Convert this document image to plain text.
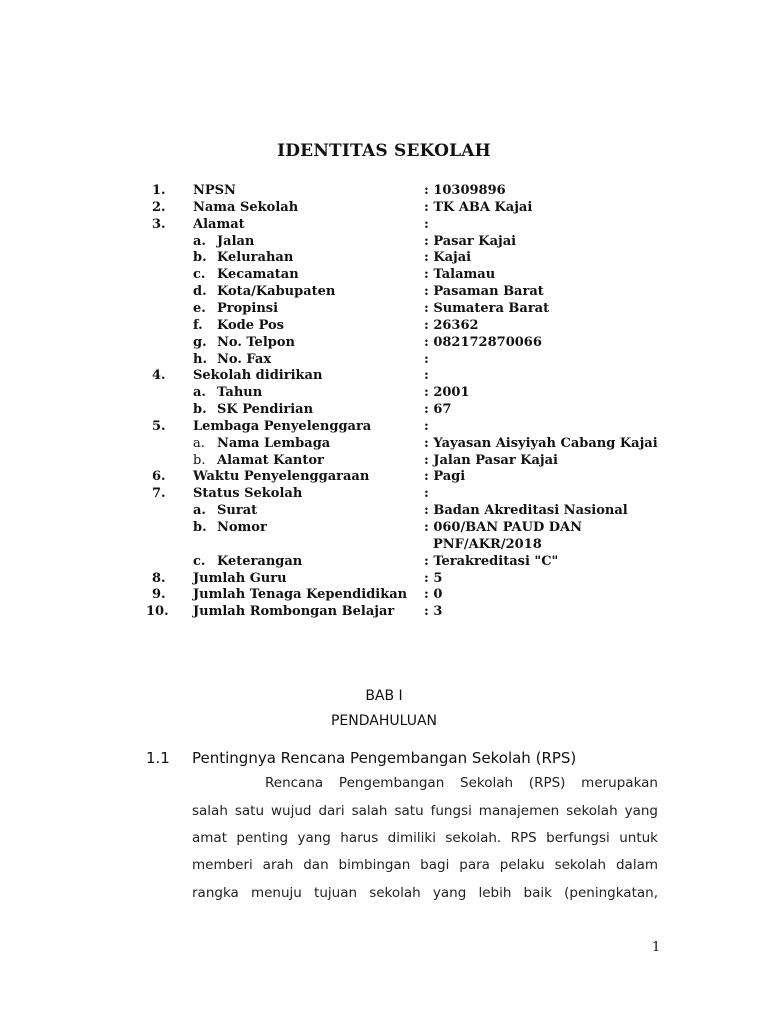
IDENTITAS SEKOLAH
1. NPSN	: 10309896
2. Nama Sekolah	: TK ABA Kajai
3. Alamat	:
a. Jalan	: Pasar Kajai
b. Kelurahan	: Kajai
c. Kecamatan	: Talamau
d. Kota/Kabupaten	: Pasaman Barat
e. Propinsi	: Sumatera Barat
f. Kode Pos	: 26362
g. No. Telpon	: 082172870066
h. No. Fax	:
4. Sekolah didirikan	:
a. Tahun	: 2001
b. SK Pendirian	: 67
5. Lembaga Penyelenggara	:
a. Nama Lembaga	: Yayasan Aisyiyah Cabang Kajai
b. Alamat Kantor	: Jalan Pasar Kajai
6. Waktu Penyelenggaraan	: Pagi
7. Status Sekolah	:
a. Surat	: Badan Akreditasi Nasional
b. Nomor	: 060/BAN PAUD DAN
PNF/AKR/2018
c. Keterangan	: Terakreditasi "C"
8. Jumlah Guru	: 5
9. Jumlah Tenaga Kependidikan : 0
10. Jumlah Rombongan Belajar : 3
BAB I
PENDAHULUAN
1.1 Pentingnya Rencana Pengembangan Sekolah (RPS)
Rencana Pengembangan Sekolah (RPS) merupakan
salah satu wujud dari salah satu fungsi manajemen sekolah yang
amat penting yang harus dimiliki sekolah. RPS berfungsi untuk
memberi arah dan bimbingan bagi para pelaku sekolah dalam
rangka menuju tujuan sekolah yang lebih baik (peningkatan,
1
